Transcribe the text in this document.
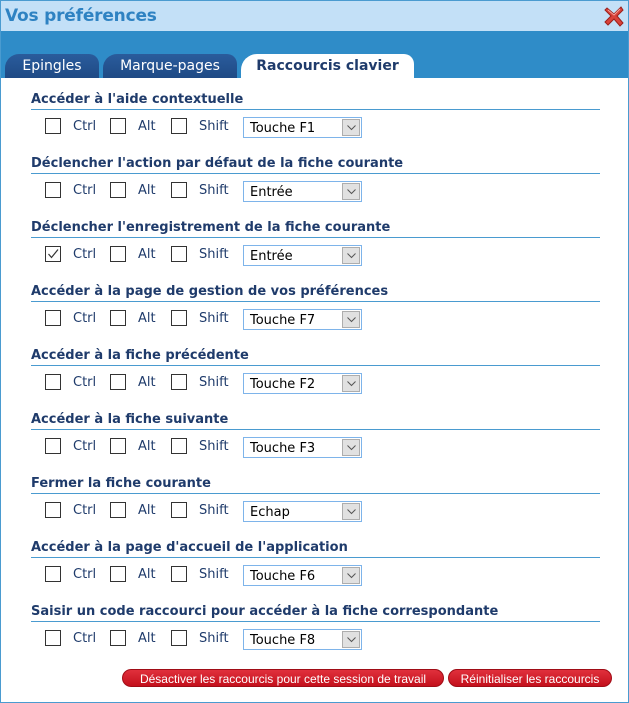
Vos préférences
Epingles	Marque-pages	Raccourcis clavier
Accéder à l'aide contextuelle
Ctrl	Alt	Shift Touche F1
Déclencher l'action par défaut de la fiche courante
Ctrl	Alt	Shift Entrée
Déclencher l'enregistrement de la fiche courante
Ctrl	Alt	Shift Entrée
Accéder à la page de gestion de vos préférences
Ctrl	Alt	Shift Touche F7
Accéder à la fiche précédente
Ctrl	Alt	Shift Touche F2
Accéder à la fiche suivante
Ctrl	Alt	Shift Touche F3
Fermer la fiche courante
Ctrl	Alt	Shift Echap
Accéder à la page d'accueil de l'application
Ctrl	Alt	Shift Touche F6
Saisir un code raccourci pour accéder à la fiche correspondante
Ctrl	Alt	Shift Touche F8
Désactiver les raccourcis pour cette session de travail	Réinitialiser les raccourcis
